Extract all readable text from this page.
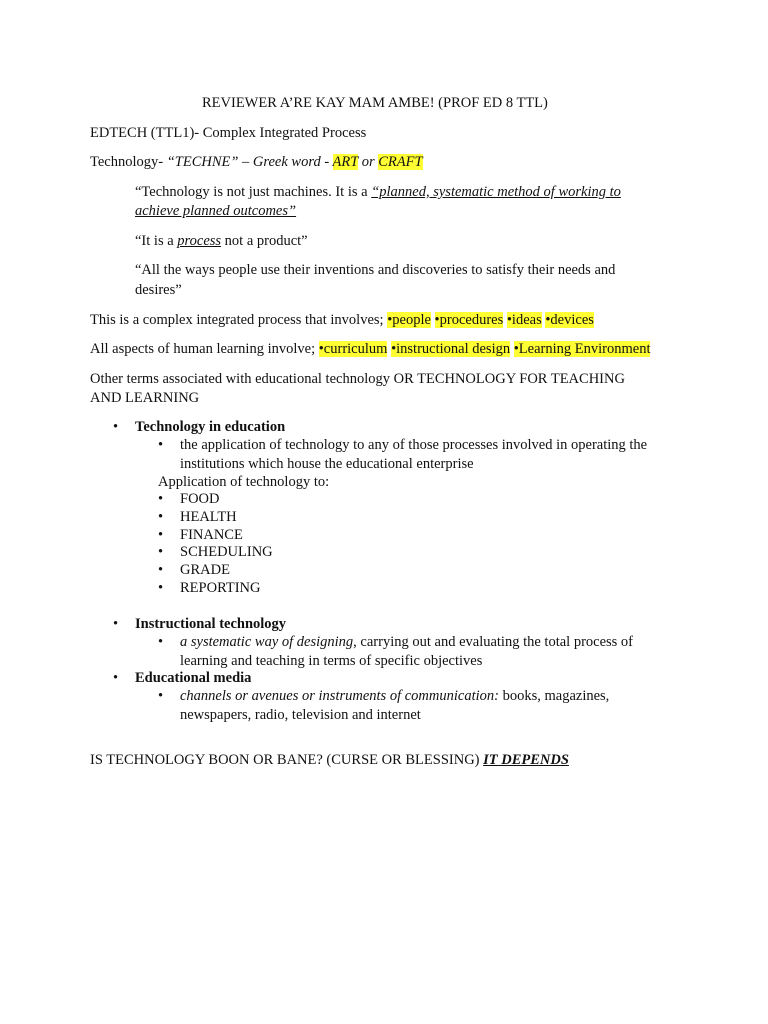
REVIEWER A’RE KAY MAM AMBE! (PROF ED 8 TTL)
EDTECH (TTL1)- Complex Integrated Process
Technology- “TECHNE” – Greek word - ART or CRAFT
“Technology is not just machines. It is a “planned, systematic method of working to
achieve planned outcomes”
“It is a process not a product”
“All the ways people use their inventions and discoveries to satisfy their needs and
desires”
This is a complex integrated process that involves; •people •procedures •ideas •devices
All aspects of human learning involve; •curriculum •instructional design •Learning Environment
Other terms associated with educational technology OR TECHNOLOGY FOR TEACHING
AND LEARNING
• Technology in education
• the application of technology to any of those processes involved in operating the
institutions which house the educational enterprise
Application of technology to:
• FOOD
• HEALTH
• FINANCE
• SCHEDULING
• GRADE
• REPORTING
• Instructional technology
• a systematic way of designing, carrying out and evaluating the total process of
learning and teaching in terms of specific objectives
• Educational media
• channels or avenues or instruments of communication: books, magazines,
newspapers, radio, television and internet
IS TECHNOLOGY BOON OR BANE? (CURSE OR BLESSING) IT DEPENDS
